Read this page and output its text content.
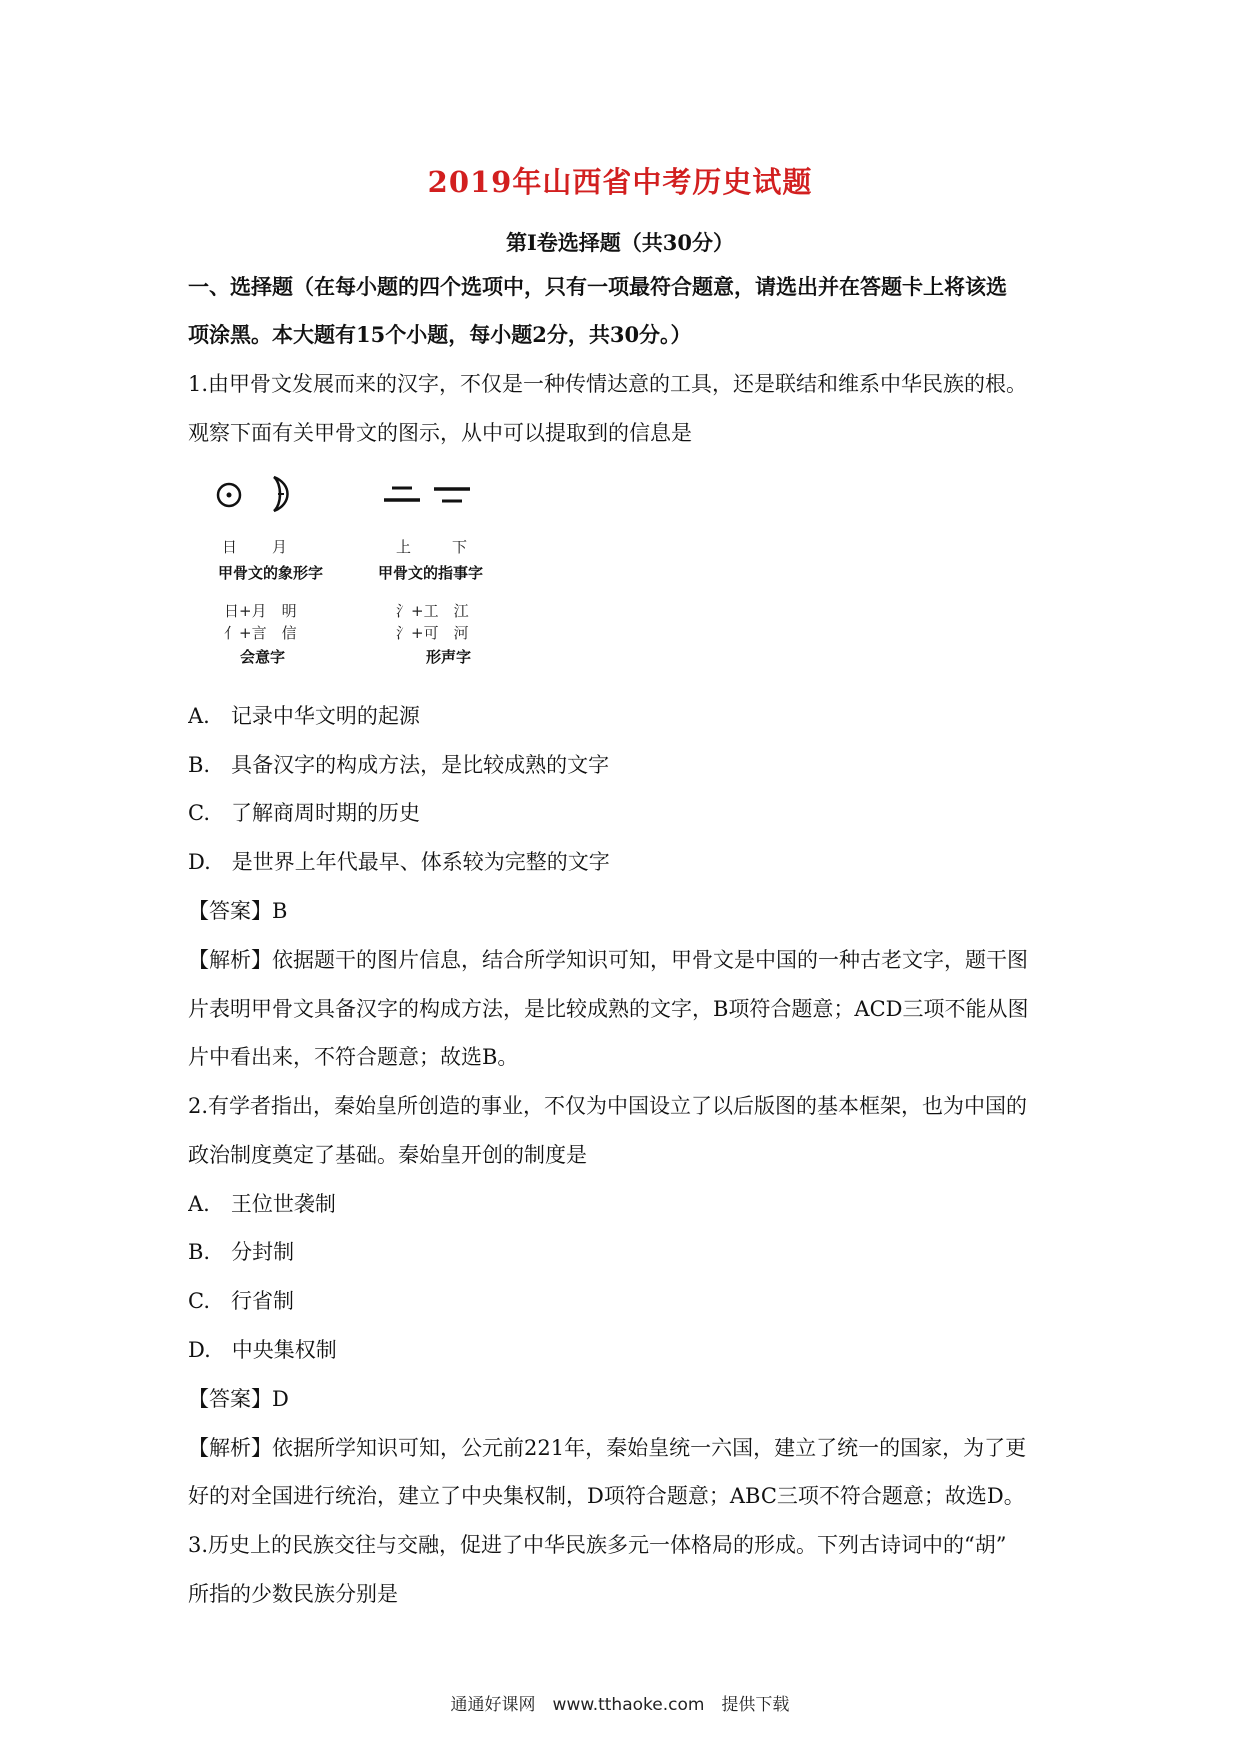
2019年山西省中考历史试题
第Ⅰ卷选择题（共30分）
一、选择题（在每小题的四个选项中，只有一项最符合题意，请选出并在答题卡上将该选
项涂黑。本大题有15个小题，每小题2分，共30分。）
1.由甲骨文发展而来的汉字，不仅是一种传情达意的工具，还是联结和维系中华民族的根。
观察下面有关甲骨文的图示，从中可以提取到的信息是
日 月	上	下
甲骨文的象形字	甲骨文的指事字
日+月　明
亻+言　信
会意字
氵+工　江
氵+可　河
形声字
A.　记录中华文明的起源
B.　具备汉字的构成方法，是比较成熟的文字
C.　了解商周时期的历史
D.　是世界上年代最早、体系较为完整的文字
【答案】B
【解析】依据题干的图片信息，结合所学知识可知，甲骨文是中国的一种古老文字，题干图
片表明甲骨文具备汉字的构成方法，是比较成熟的文字，B项符合题意；ACD三项不能从图
片中看出来，不符合题意；故选B。
2.有学者指出，秦始皇所创造的事业，不仅为中国设立了以后版图的基本框架，也为中国的
政治制度奠定了基础。秦始皇开创的制度是
A.　王位世袭制
B.　分封制
C.　行省制
D.　中央集权制
【答案】D
【解析】依据所学知识可知，公元前221年，秦始皇统一六国，建立了统一的国家，为了更
好的对全国进行统治，建立了中央集权制，D项符合题意；ABC三项不符合题意；故选D。
3.历史上的民族交往与交融，促进了中华民族多元一体格局的形成。下列古诗词中的“胡”
所指的少数民族分别是
通通好课网　www.tthaoke.com　提供下载
